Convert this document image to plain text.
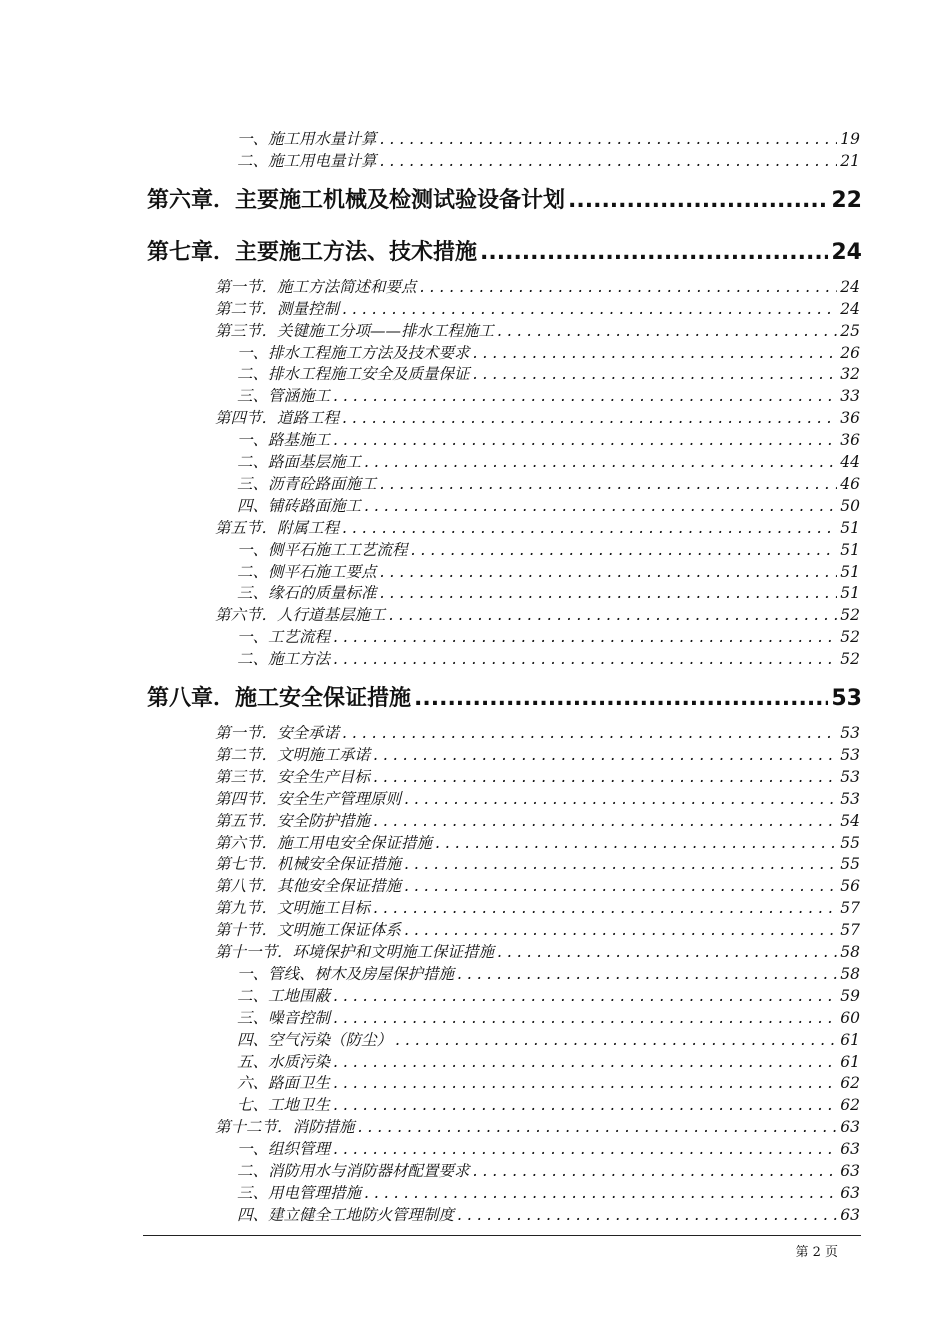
一、施工用水量计算 .....	19
二、施工用电量计算 .....	21
第六章．主要施工机械及检测试验设备计划 .....	22
第七章．主要施工方法、技术措施 .....	24
第一节．施工方法简述和要点 .....	24
第二节．测量控制 .....	24
第三节．关键施工分项——排水工程施工 .....	25
一、排水工程施工方法及技术要求 .....	26
二、排水工程施工安全及质量保证 .....	32
三、管涵施工 .....	33
第四节．道路工程 .....	36
一、路基施工 .....	36
二、路面基层施工 .....	44
三、沥青砼路面施工 .....	46
四、铺砖路面施工 .....	50
第五节．附属工程 .....	51
一、侧平石施工工艺流程 .....	51
二、侧平石施工要点 .....	51
三、缘石的质量标准 .....	51
第六节．人行道基层施工 .....	52
一、工艺流程 .....	52
二、施工方法 .....	52
第八章．施工安全保证措施 .....	53
第一节．安全承诺 .....	53
第二节．文明施工承诺 .....	53
第三节．安全生产目标 .....	53
第四节．安全生产管理原则 .....	53
第五节．安全防护措施 .....	54
第六节．施工用电安全保证措施 .....	55
第七节．机械安全保证措施 .....	55
第八节．其他安全保证措施 .....	56
第九节．文明施工目标 .....	57
第十节．文明施工保证体系 .....	57
第十一节．环境保护和文明施工保证措施 .....	58
一、管线、树木及房屋保护措施 .....	58
二、工地围蔽 .....	59
三、噪音控制 .....	60
四、空气污染（防尘） .....	61
五、水质污染 .....	61
六、路面卫生 .....	62
七、工地卫生 .....	62
第十二节．消防措施 .....	63
一、组织管理 .....	63
二、消防用水与消防器材配置要求 .....	63
三、用电管理措施 .....	63
四、建立健全工地防火管理制度 .....	63
第 2 页
